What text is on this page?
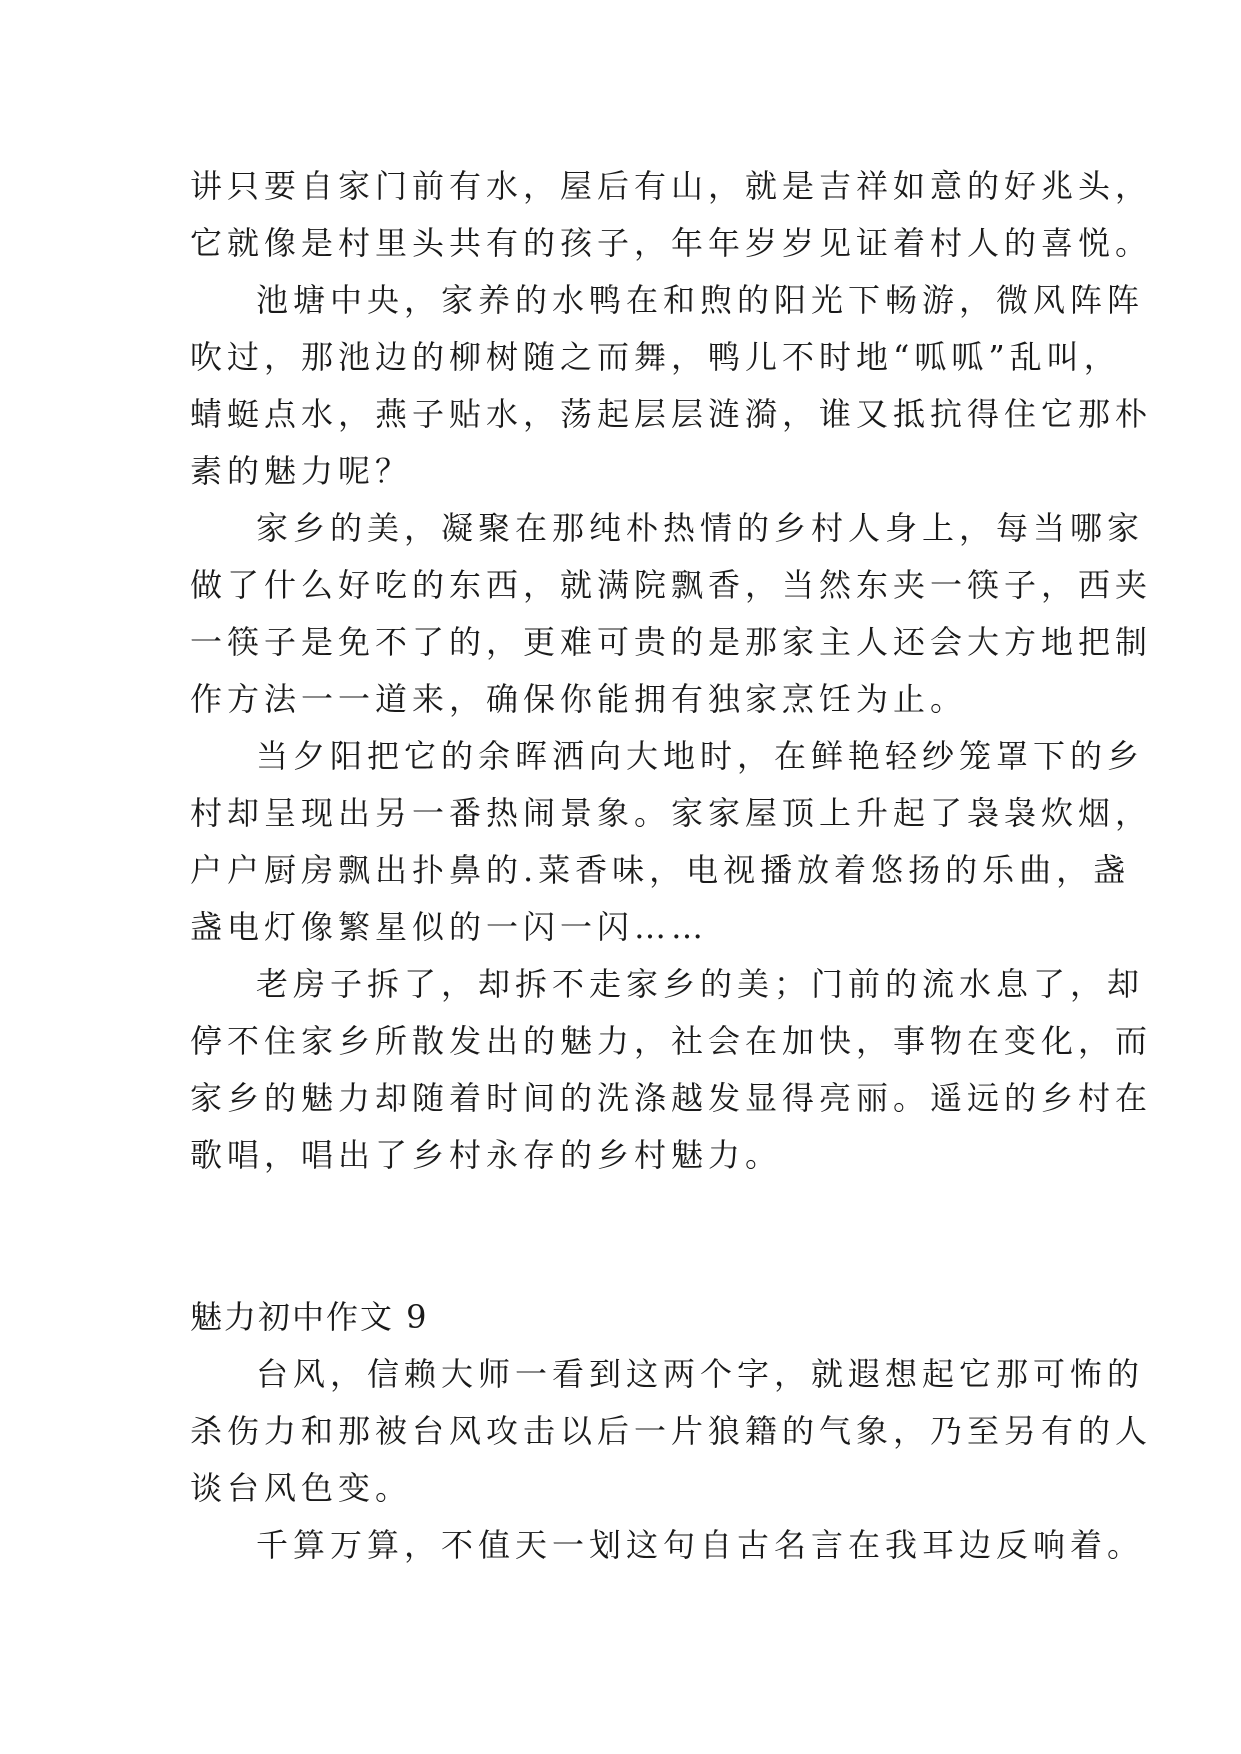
讲只要自家门前有水，屋后有山，就是吉祥如意的好兆头，
它就像是村里头共有的孩子，年年岁岁见证着村人的喜悦。
池塘中央，家养的水鸭在和煦的阳光下畅游，微风阵阵
吹过，那池边的柳树随之而舞，鸭儿不时地“呱呱”乱叫，
蜻蜓点水，燕子贴水，荡起层层涟漪，谁又抵抗得住它那朴
素的魅力呢？
家乡的美，凝聚在那纯朴热情的乡村人身上，每当哪家
做了什么好吃的东西，就满院飘香，当然东夹一筷子，西夹
一筷子是免不了的，更难可贵的是那家主人还会大方地把制
作方法一一道来，确保你能拥有独家烹饪为止。
当夕阳把它的余晖洒向大地时，在鲜艳轻纱笼罩下的乡
村却呈现出另一番热闹景象。家家屋顶上升起了袅袅炊烟，
户户厨房飘出扑鼻的.菜香味，电视播放着悠扬的乐曲，盏
盏电灯像繁星似的一闪一闪……
老房子拆了，却拆不走家乡的美；门前的流水息了，却
停不住家乡所散发出的魅力，社会在加快，事物在变化，而
家乡的魅力却随着时间的洗涤越发显得亮丽。遥远的乡村在
歌唱，唱出了乡村永存的乡村魅力。
魅力初中作文 9
台风，信赖大师一看到这两个字，就遐想起它那可怖的
杀伤力和那被台风攻击以后一片狼籍的气象，乃至另有的人
谈台风色变。
千算万算，不值天一划这句自古名言在我耳边反响着。
